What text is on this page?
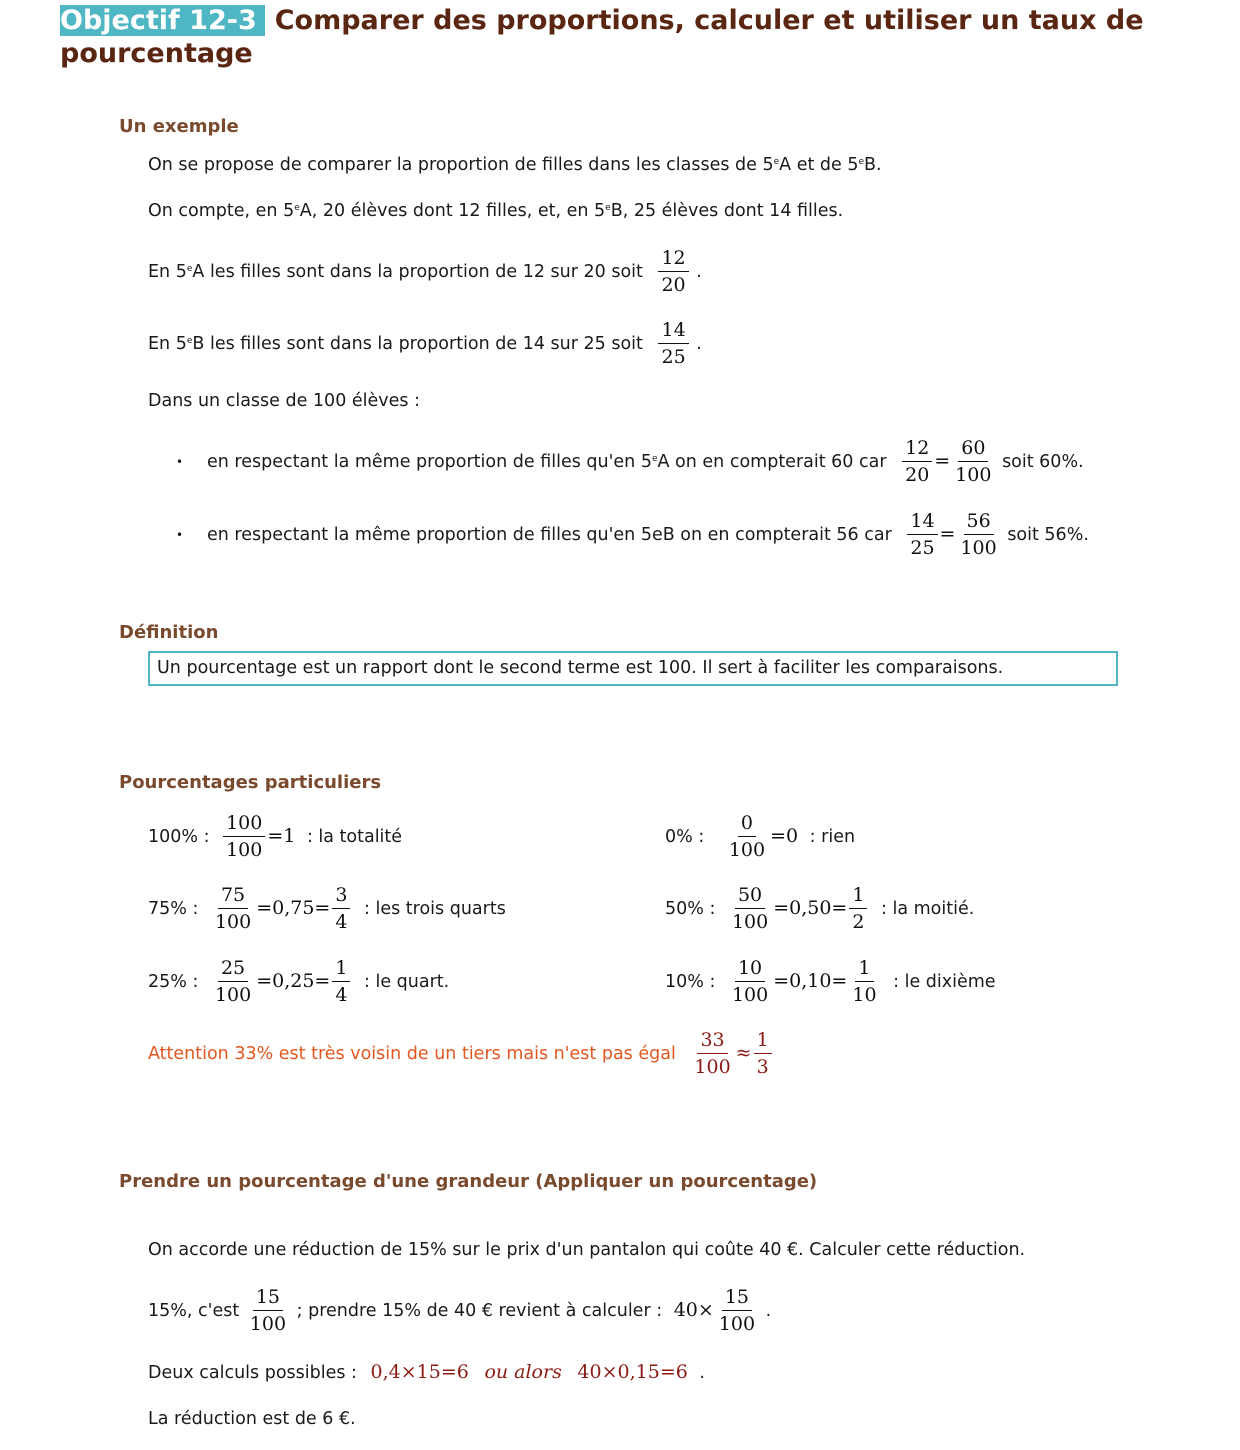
Objectif 12-3 Comparer des proportions, calculer et utiliser un taux de pourcentage
Un exemple
On se propose de comparer la proportion de filles dans les classes de 5eA et de 5eB.
On compte, en 5eA, 20 élèves dont 12 filles, et, en 5eB, 25 élèves dont 14 filles.
En 5eA les filles sont dans la proportion de 12 sur 20 soit $\frac{12}{20}$ .
En 5eB les filles sont dans la proportion de 14 sur 25 soit $\frac{14}{25}$ .
Dans un classe de 100 élèves :
• en respectant la même proportion de filles qu'en 5eA on en compterait 60 car $\frac{12}{20} = \frac{60}{100}$ soit 60%.
• en respectant la même proportion de filles qu'en 5eB on en compterait 56 car $\frac{14}{25} = \frac{56}{100}$ soit 56%.
Définition
Un pourcentage est un rapport dont le second terme est 100. Il sert à faciliter les comparaisons.
Pourcentages particuliers
100% : $\frac{100}{100} =1$ : la totalité	0% : $\frac{0}{100} =0$ : rien
75% : $\frac{75}{100} =0,75= \frac{3}{4}$ : les trois quarts	50% : $\frac{50}{100} =0,50= \frac{1}{2}$ : la moitié.
25% : $\frac{25}{100} =0,25= \frac{1}{4}$ : le quart.	10% : $\frac{10}{100} =0,10= \frac{1}{10}$ : le dixième
Attention 33% est très voisin de un tiers mais n'est pas égal $\frac{33}{100} \approx \frac{1}{3}$
Prendre un pourcentage d'une grandeur (Appliquer un pourcentage)
On accorde une réduction de 15% sur le prix d'un pantalon qui coûte 40 €. Calculer cette réduction.
15%, $c'est \frac{15}{100}$ ; prendre 15% de 40 € revient à calculer : $40\times \frac{15}{100}$ .
Deux calculs possibles : 0,4×15=6 ou alors 40×0,15=6 .
La réduction est de 6 €.
